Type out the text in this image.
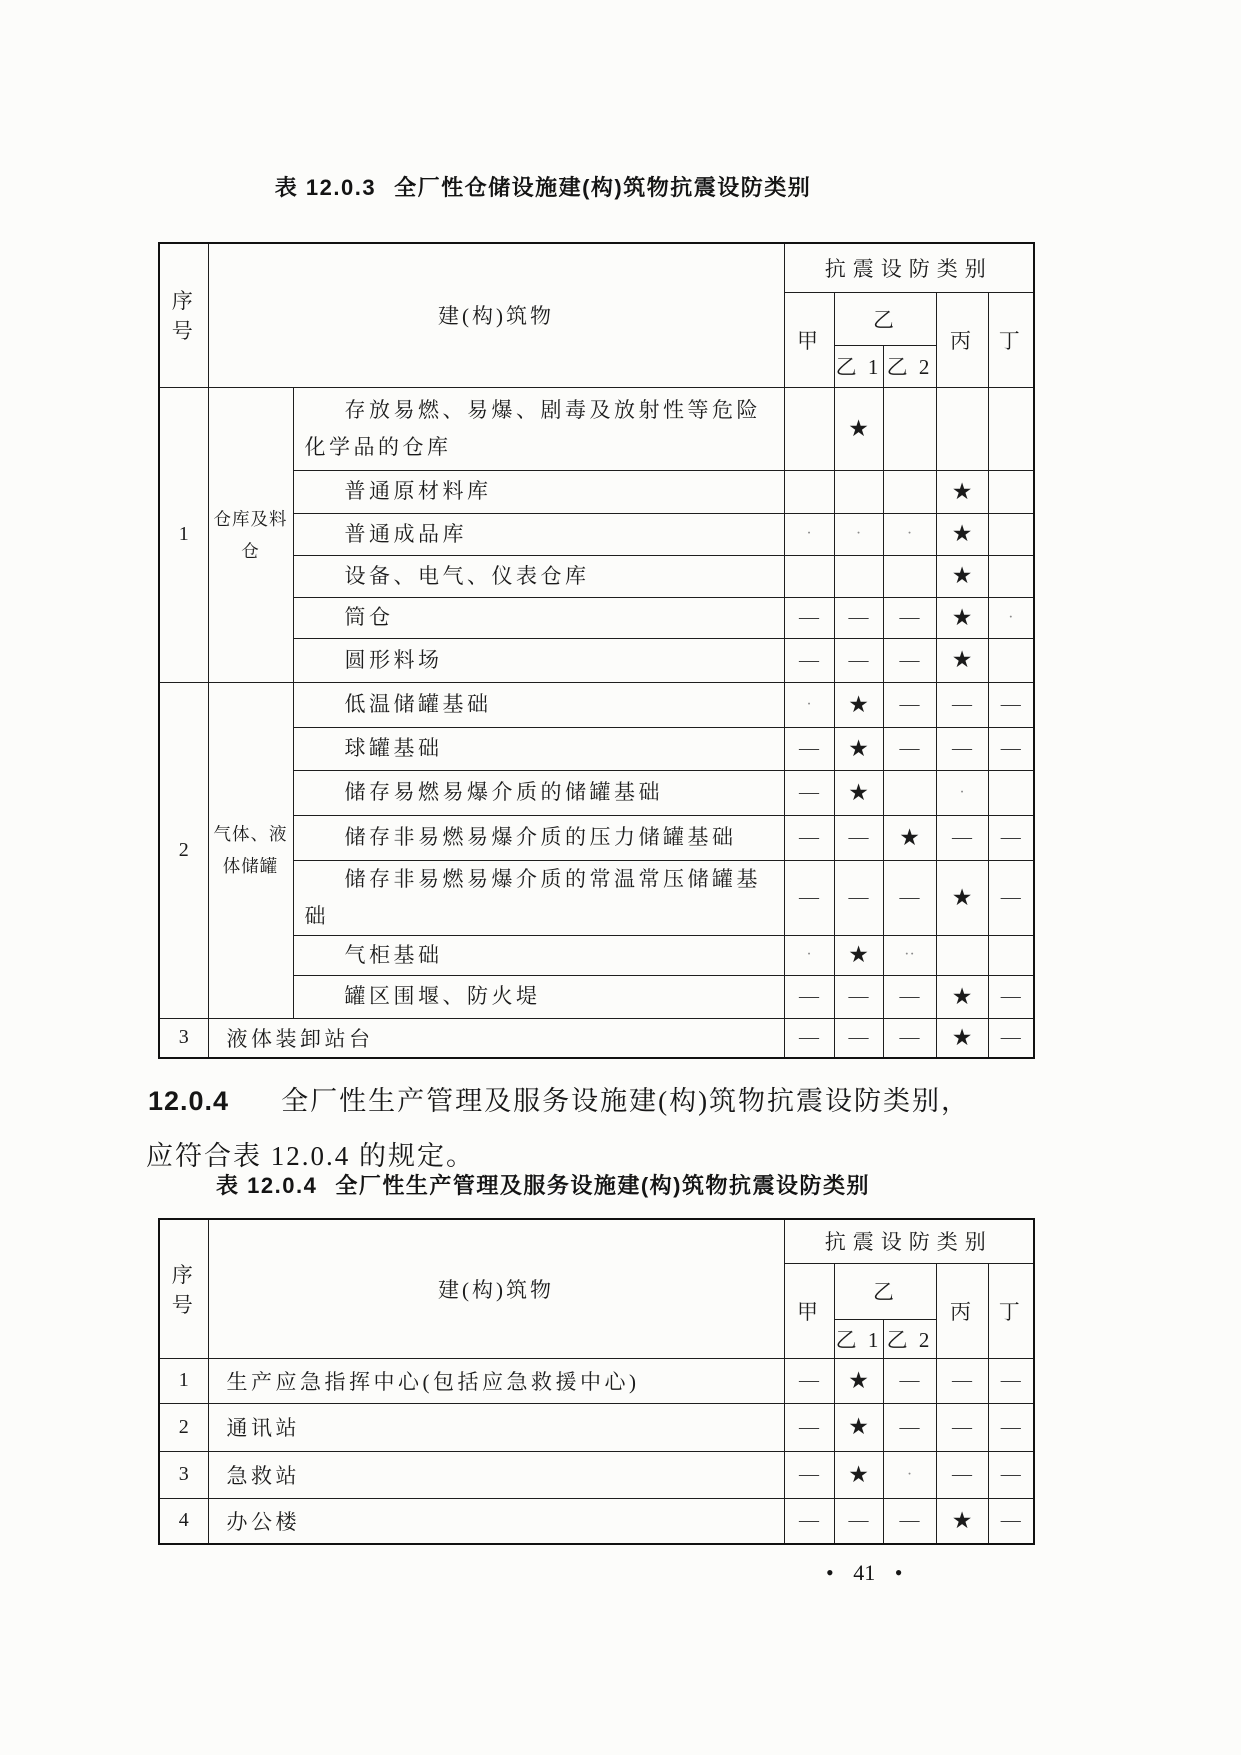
表 12.0.3 全厂性仓储设施建(构)筑物抗震设防类别
序号	建(构)筑物		抗震设防类别				
			甲	乙		丙	丁
				乙 1	乙 2		
1	仓库及料仓	存放易燃、易爆、剧毒及放射性等危险化学品的仓库		★			
		普通原材料库				★	
		普通成品库	·	·	·	★	
		设备、电气、仪表仓库				★	
		筒仓	—	—	—	★	·
		圆形料场	—	—	—	★	
2	气体、液体储罐	低温储罐基础	·	★	—	—	—
		球罐基础	—	★	—	—	—
		储存易燃易爆介质的储罐基础	—	★		·	
		储存非易燃易爆介质的压力储罐基础	—	—	★	—	—
		储存非易燃易爆介质的常温常压储罐基础	—	—	—	★	—
		气柜基础	·	★	··		
		罐区围堰、防火堤	—	—	—	★	—
3	液体装卸站台		—	—	—	★	—
12.0.4 全厂性生产管理及服务设施建(构)筑物抗震设防类别，
应符合表 12.0.4 的规定。
表 12.0.4 全厂性生产管理及服务设施建(构)筑物抗震设防类别
序号	建(构)筑物	抗震设防类别				
		甲	乙		丙	丁
			乙 1	乙 2		
1	生产应急指挥中心(包括应急救援中心)	—	★	—	—	—
2	通讯站	—	★	—	—	—
3	急救站	—	★	·	—	—
4	办公楼	—	—	—	★	—
• 41 •
